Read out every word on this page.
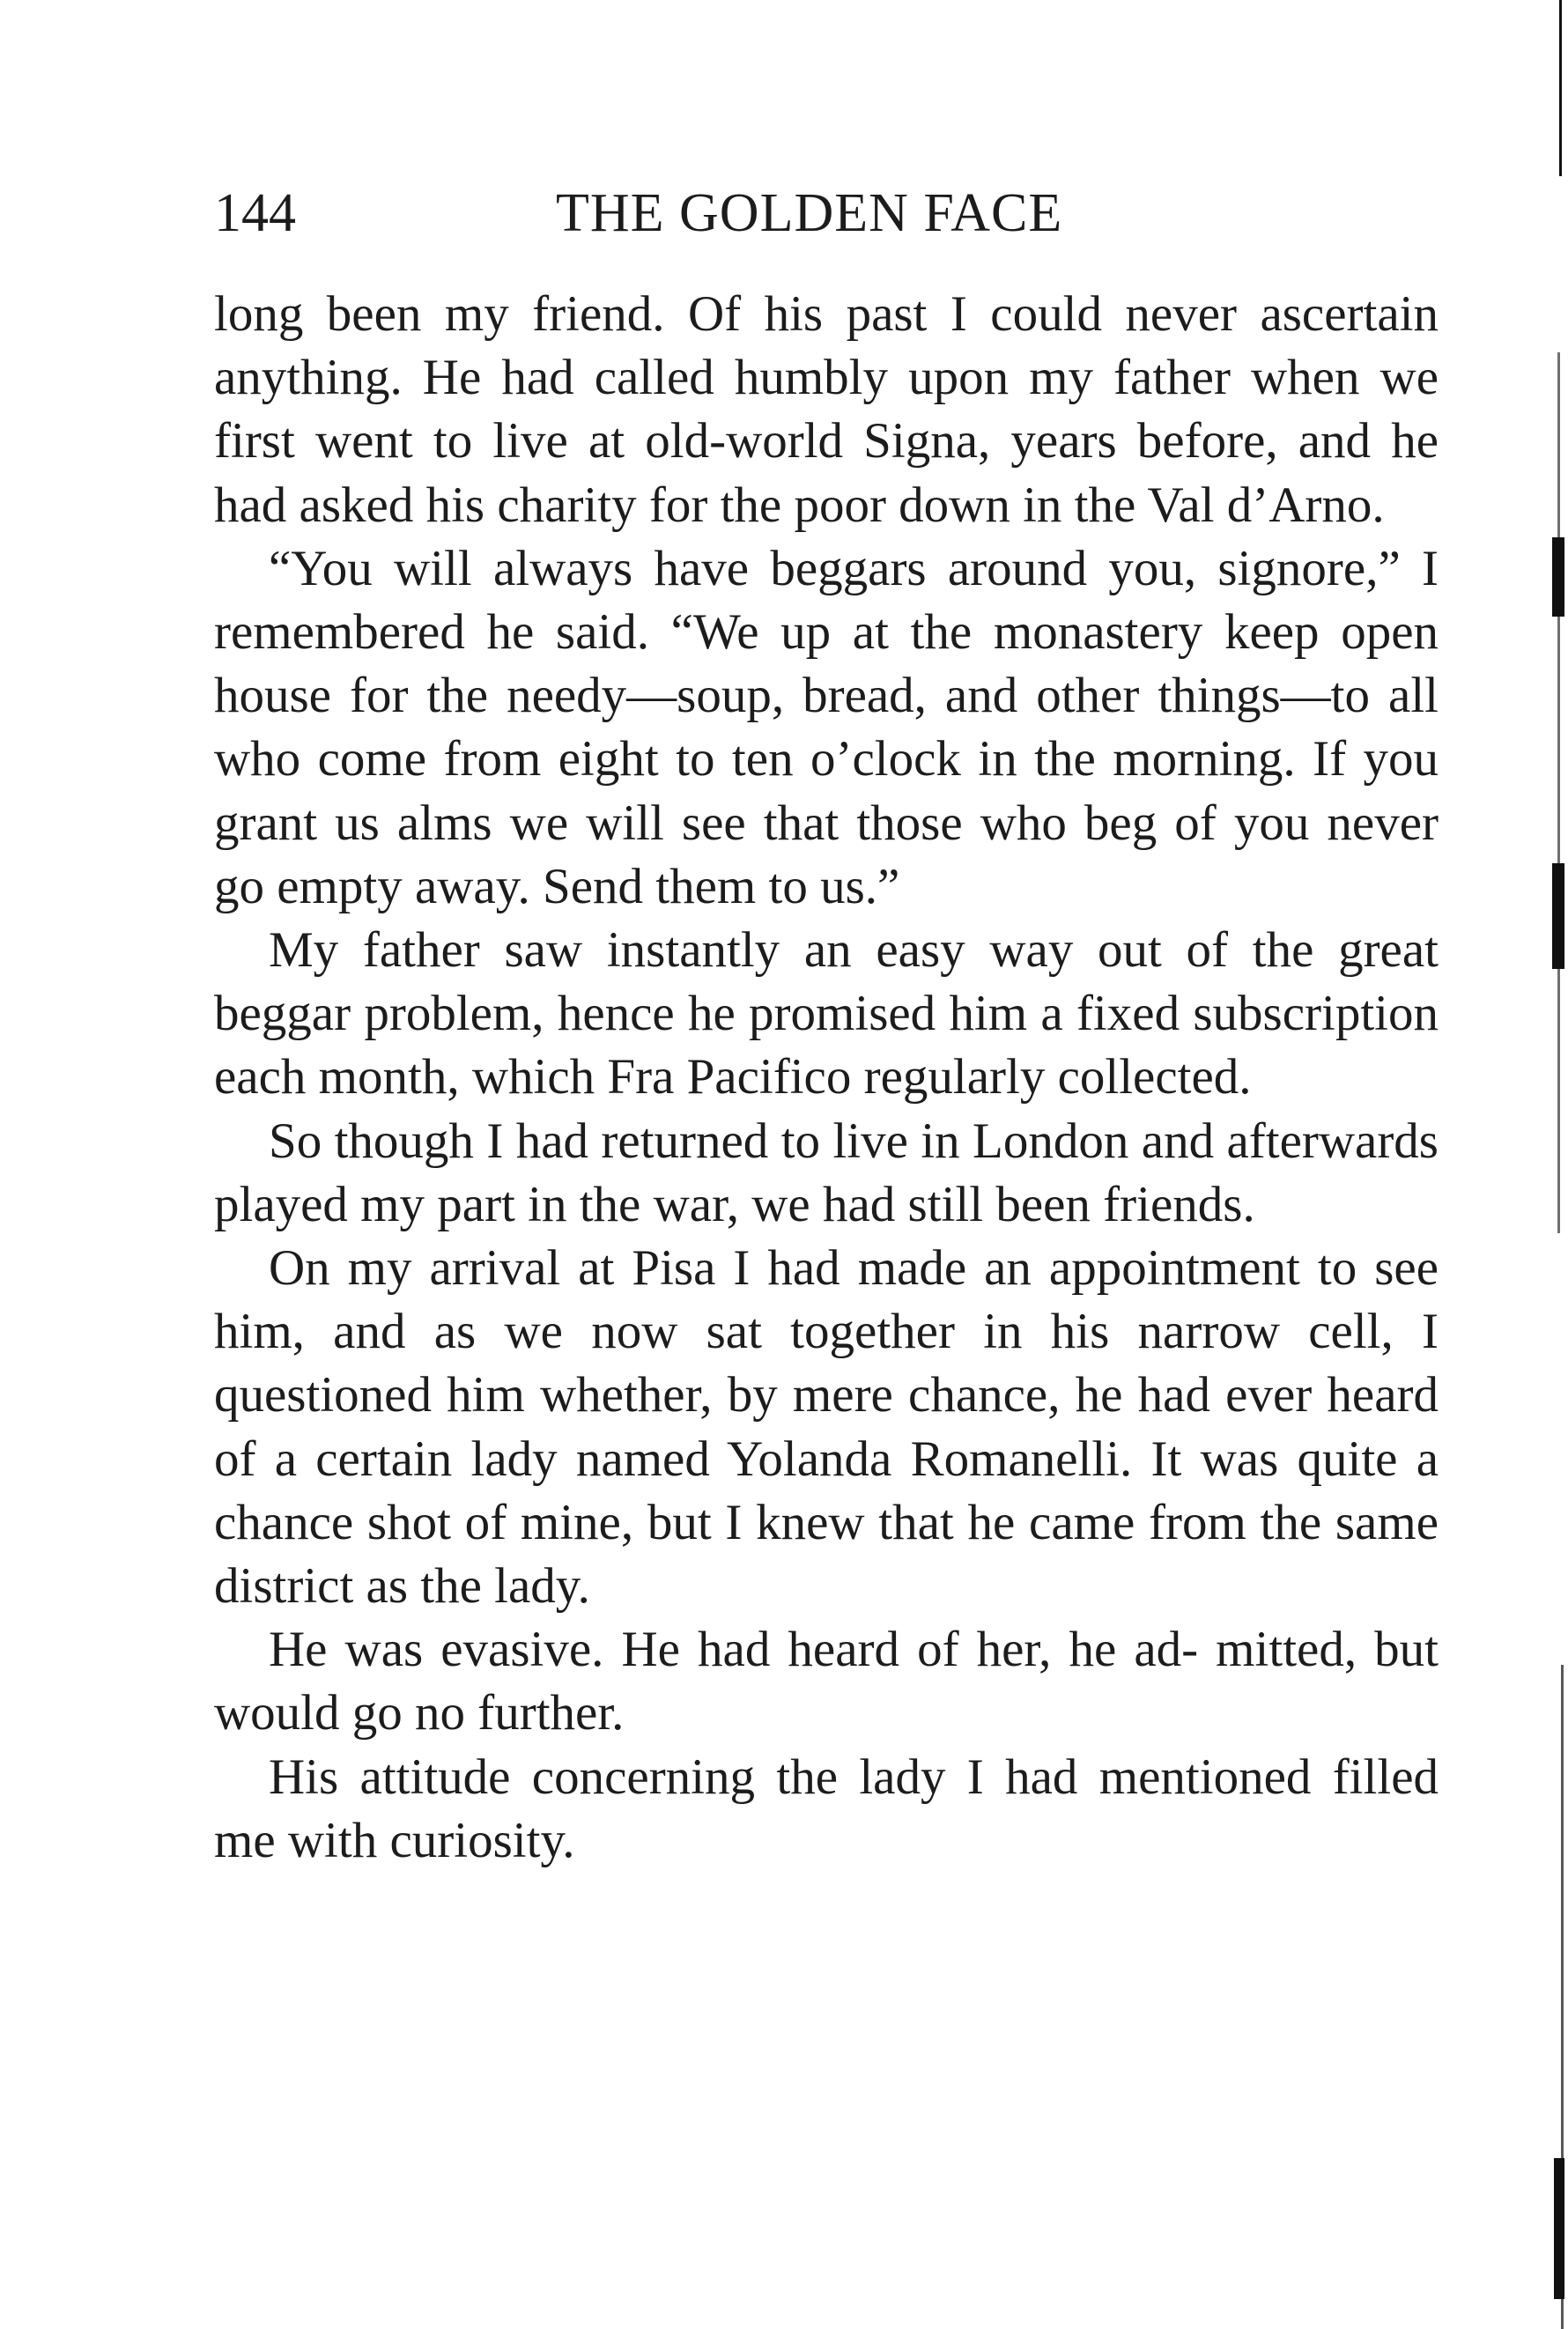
144	THE GOLDEN FACE

long been my friend. Of his past I could never ascertain anything. He had called humbly upon my father when we first went to live at old-world Signa, years before, and he had asked his charity for the poor down in the Val d’Arno.

“You will always have beggars around you, signore,” I remembered he said. “We up at the monastery keep open house for the needy—soup, bread, and other things—to all who come from eight to ten o’clock in the morning. If you grant us alms we will see that those who beg of you never go empty away. Send them to us.”

My father saw instantly an easy way out of the great beggar problem, hence he promised him a fixed subscription each month, which Fra Pacifico regularly collected.

So though I had returned to live in London and afterwards played my part in the war, we had still been friends.

On my arrival at Pisa I had made an appointment to see him, and as we now sat together in his narrow cell, I questioned him whether, by mere chance, he had ever heard of a certain lady named Yolanda Romanelli. It was quite a chance shot of mine, but I knew that he came from the same district as the lady.

He was evasive. He had heard of her, he ad- mitted, but would go no further.

His attitude concerning the lady I had mentioned filled me with curiosity.
